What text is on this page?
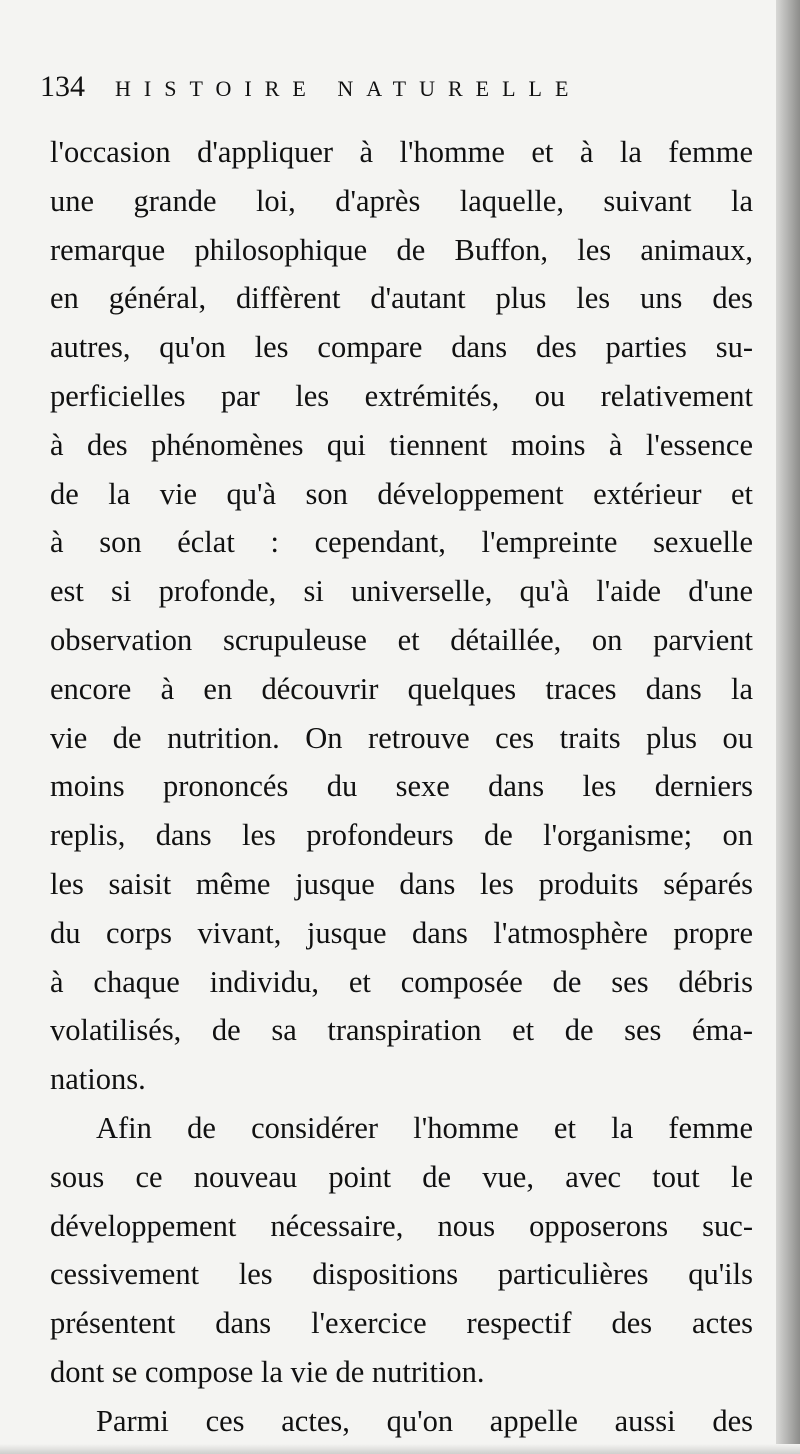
134 HISTOIRE NATURELLE
l'occasion d'appliquer à l'homme et à la femme
une grande loi, d'après laquelle, suivant la
remarque philosophique de Buffon, les animaux,
en général, diffèrent d'autant plus les uns des
autres, qu'on les compare dans des parties su-
perficielles par les extrémités, ou relativement
à des phénomènes qui tiennent moins à l'essence
de la vie qu'à son développement extérieur et
à son éclat : cependant, l'empreinte sexuelle
est si profonde, si universelle, qu'à l'aide d'une
observation scrupuleuse et détaillée, on parvient
encore à en découvrir quelques traces dans la
vie de nutrition. On retrouve ces traits plus ou
moins prononcés du sexe dans les derniers
replis, dans les profondeurs de l'organisme; on
les saisit même jusque dans les produits séparés
du corps vivant, jusque dans l'atmosphère propre
à chaque individu, et composée de ses débris
volatilisés, de sa transpiration et de ses éma-
nations.
Afin de considérer l'homme et la femme
sous ce nouveau point de vue, avec tout le
développement nécessaire, nous opposerons suc-
cessivement les dispositions particulières qu'ils
présentent dans l'exercice respectif des actes
dont se compose la vie de nutrition.
Parmi ces actes, qu'on appelle aussi des
